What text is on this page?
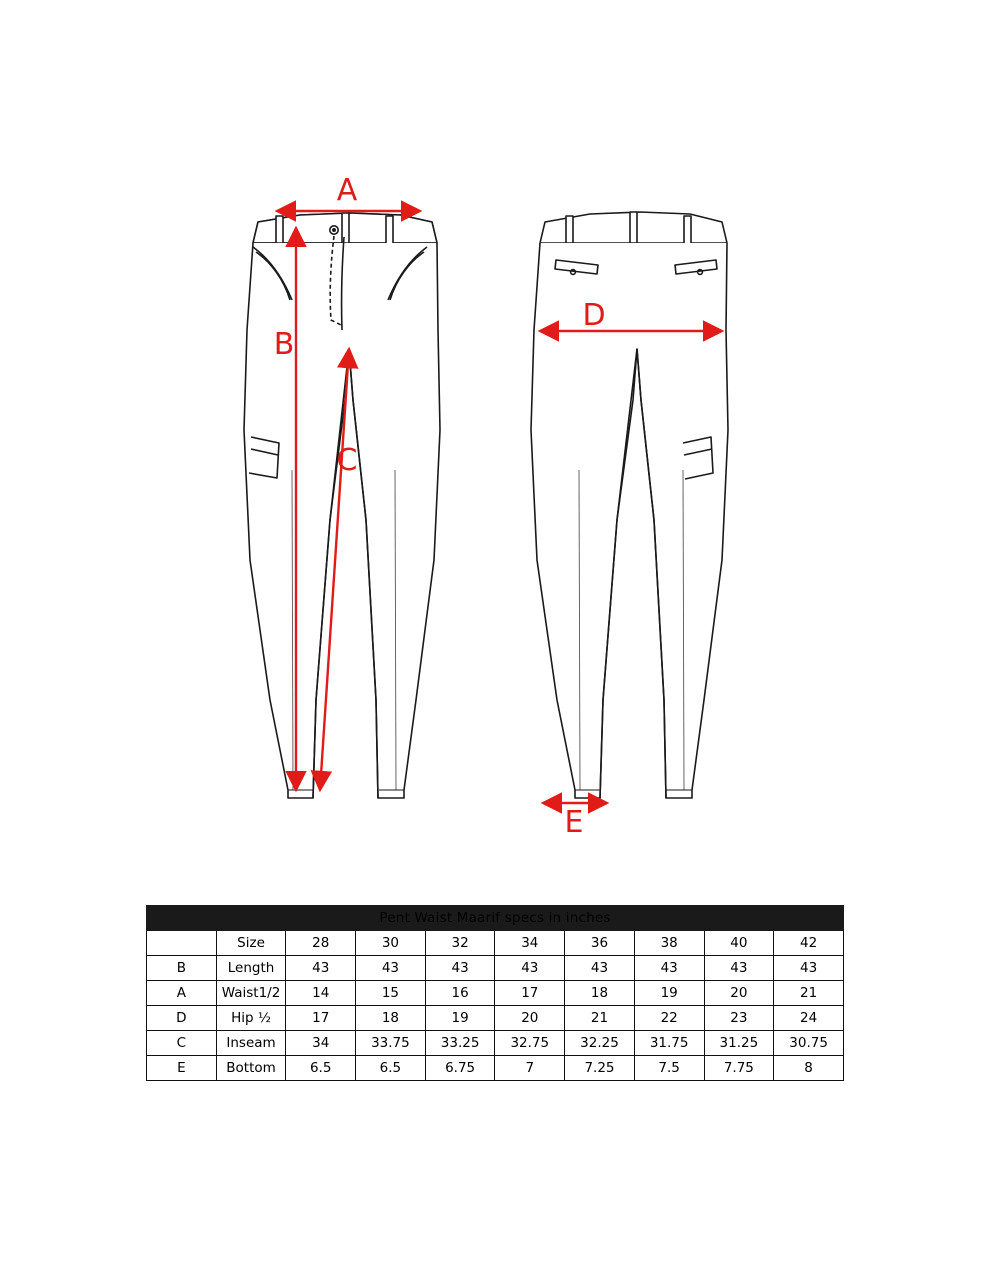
A
B
C
D
E
Pent Waist Maarif specs in inches									
	Size	28	30	32	34	36	38	40	42
B	Length	43	43	43	43	43	43	43	43
A	Waist1/2	14	15	16	17	18	19	20	21
D	Hip ½	17	18	19	20	21	22	23	24
C	Inseam	34	33.75	33.25	32.75	32.25	31.75	31.25	30.75
E	Bottom	6.5	6.5	6.75	7	7.25	7.5	7.75	8
